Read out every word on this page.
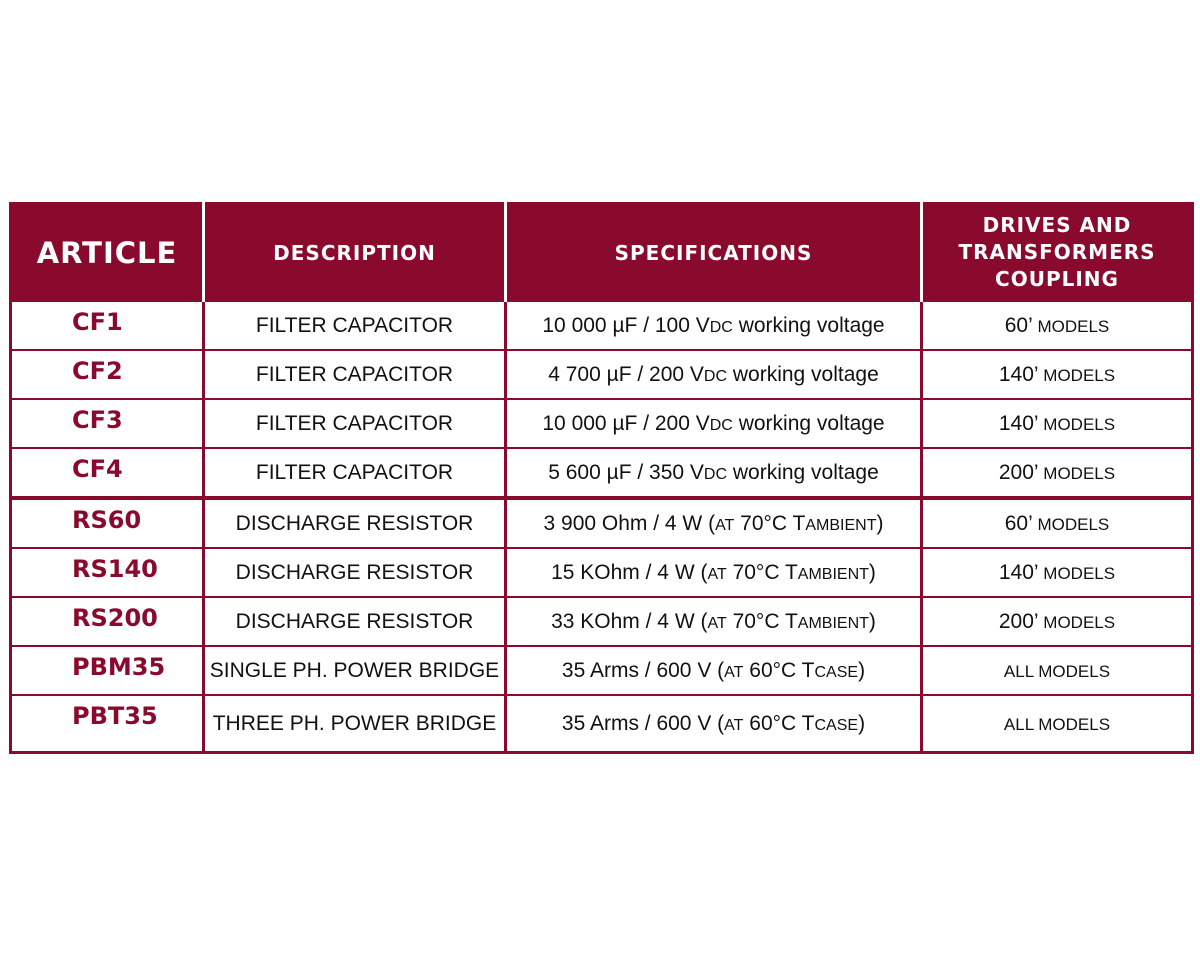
ARTICLE	DESCRIPTION	SPECIFICATIONS	DRIVES AND
TRANSFORMERS
COUPLING

CF1	FILTER CAPACITOR	10 000 µF / 100 VDC working voltage	60’ MODELS
CF2	FILTER CAPACITOR	4 700 µF / 200 VDC working voltage	140’ MODELS
CF3	FILTER CAPACITOR	10 000 µF / 200 VDC working voltage	140’ MODELS
CF4	FILTER CAPACITOR	5 600 µF / 350 VDC working voltage	200’ MODELS
RS60	DISCHARGE RESISTOR	3 900 Ohm / 4 W (AT 70°C TAMBIENT)	60’ MODELS
RS140	DISCHARGE RESISTOR	15 KOhm / 4 W (AT 70°C TAMBIENT)	140’ MODELS
RS200	DISCHARGE RESISTOR	33 KOhm / 4 W (AT 70°C TAMBIENT)	200’ MODELS
PBM35	SINGLE PH. POWER BRIDGE	35 Arms / 600 V (AT 60°C TCASE)	ALL MODELS
PBT35	THREE PH. POWER BRIDGE	35 Arms / 600 V (AT 60°C TCASE)	ALL MODELS
